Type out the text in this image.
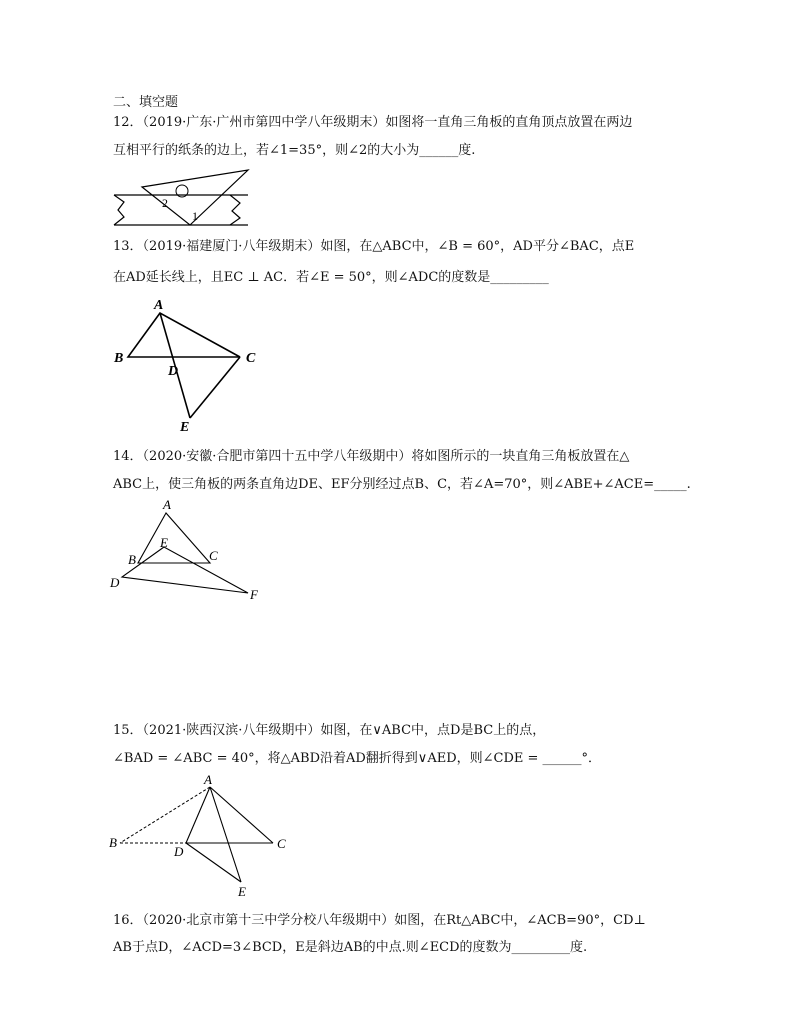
二、填空题
12．（2019·广东·广州市第四中学八年级期末）如图将一直角三角板的直角顶点放置在两边
互相平行的纸条的边上，若∠1=35°，则∠2的大小为______度.
2
1
13．（2019·福建厦门·八年级期末）如图，在△ABC中，∠B = 60°，AD平分∠BAC，点E
在AD延长线上，且EC ⊥ AC．若∠E = 50°，则∠ADC的度数是_________
A
B	C
D
E
14．（2020·安徽·合肥市第四十五中学八年级期中）将如图所示的一块直角三角板放置在△
ABC上，使三角板的两条直角边DE、EF分别经过点B、C，若∠A=70°，则∠ABE+∠ACE=_____.
A
E
B	C
D
F
15．（2021·陕西汉滨·八年级期中）如图，在∨ABC中，点D是BC上的点，
∠BAD = ∠ABC = 40°，将△ABD沿着AD翻折得到∨AED，则∠CDE = ______°．
A
B
D
C
E
16．（2020·北京市第十三中学分校八年级期中）如图，在Rt△ABC中，∠ACB=90°，CD⊥
AB于点D，∠ACD=3∠BCD，E是斜边AB的中点.则∠ECD的度数为_________度.
